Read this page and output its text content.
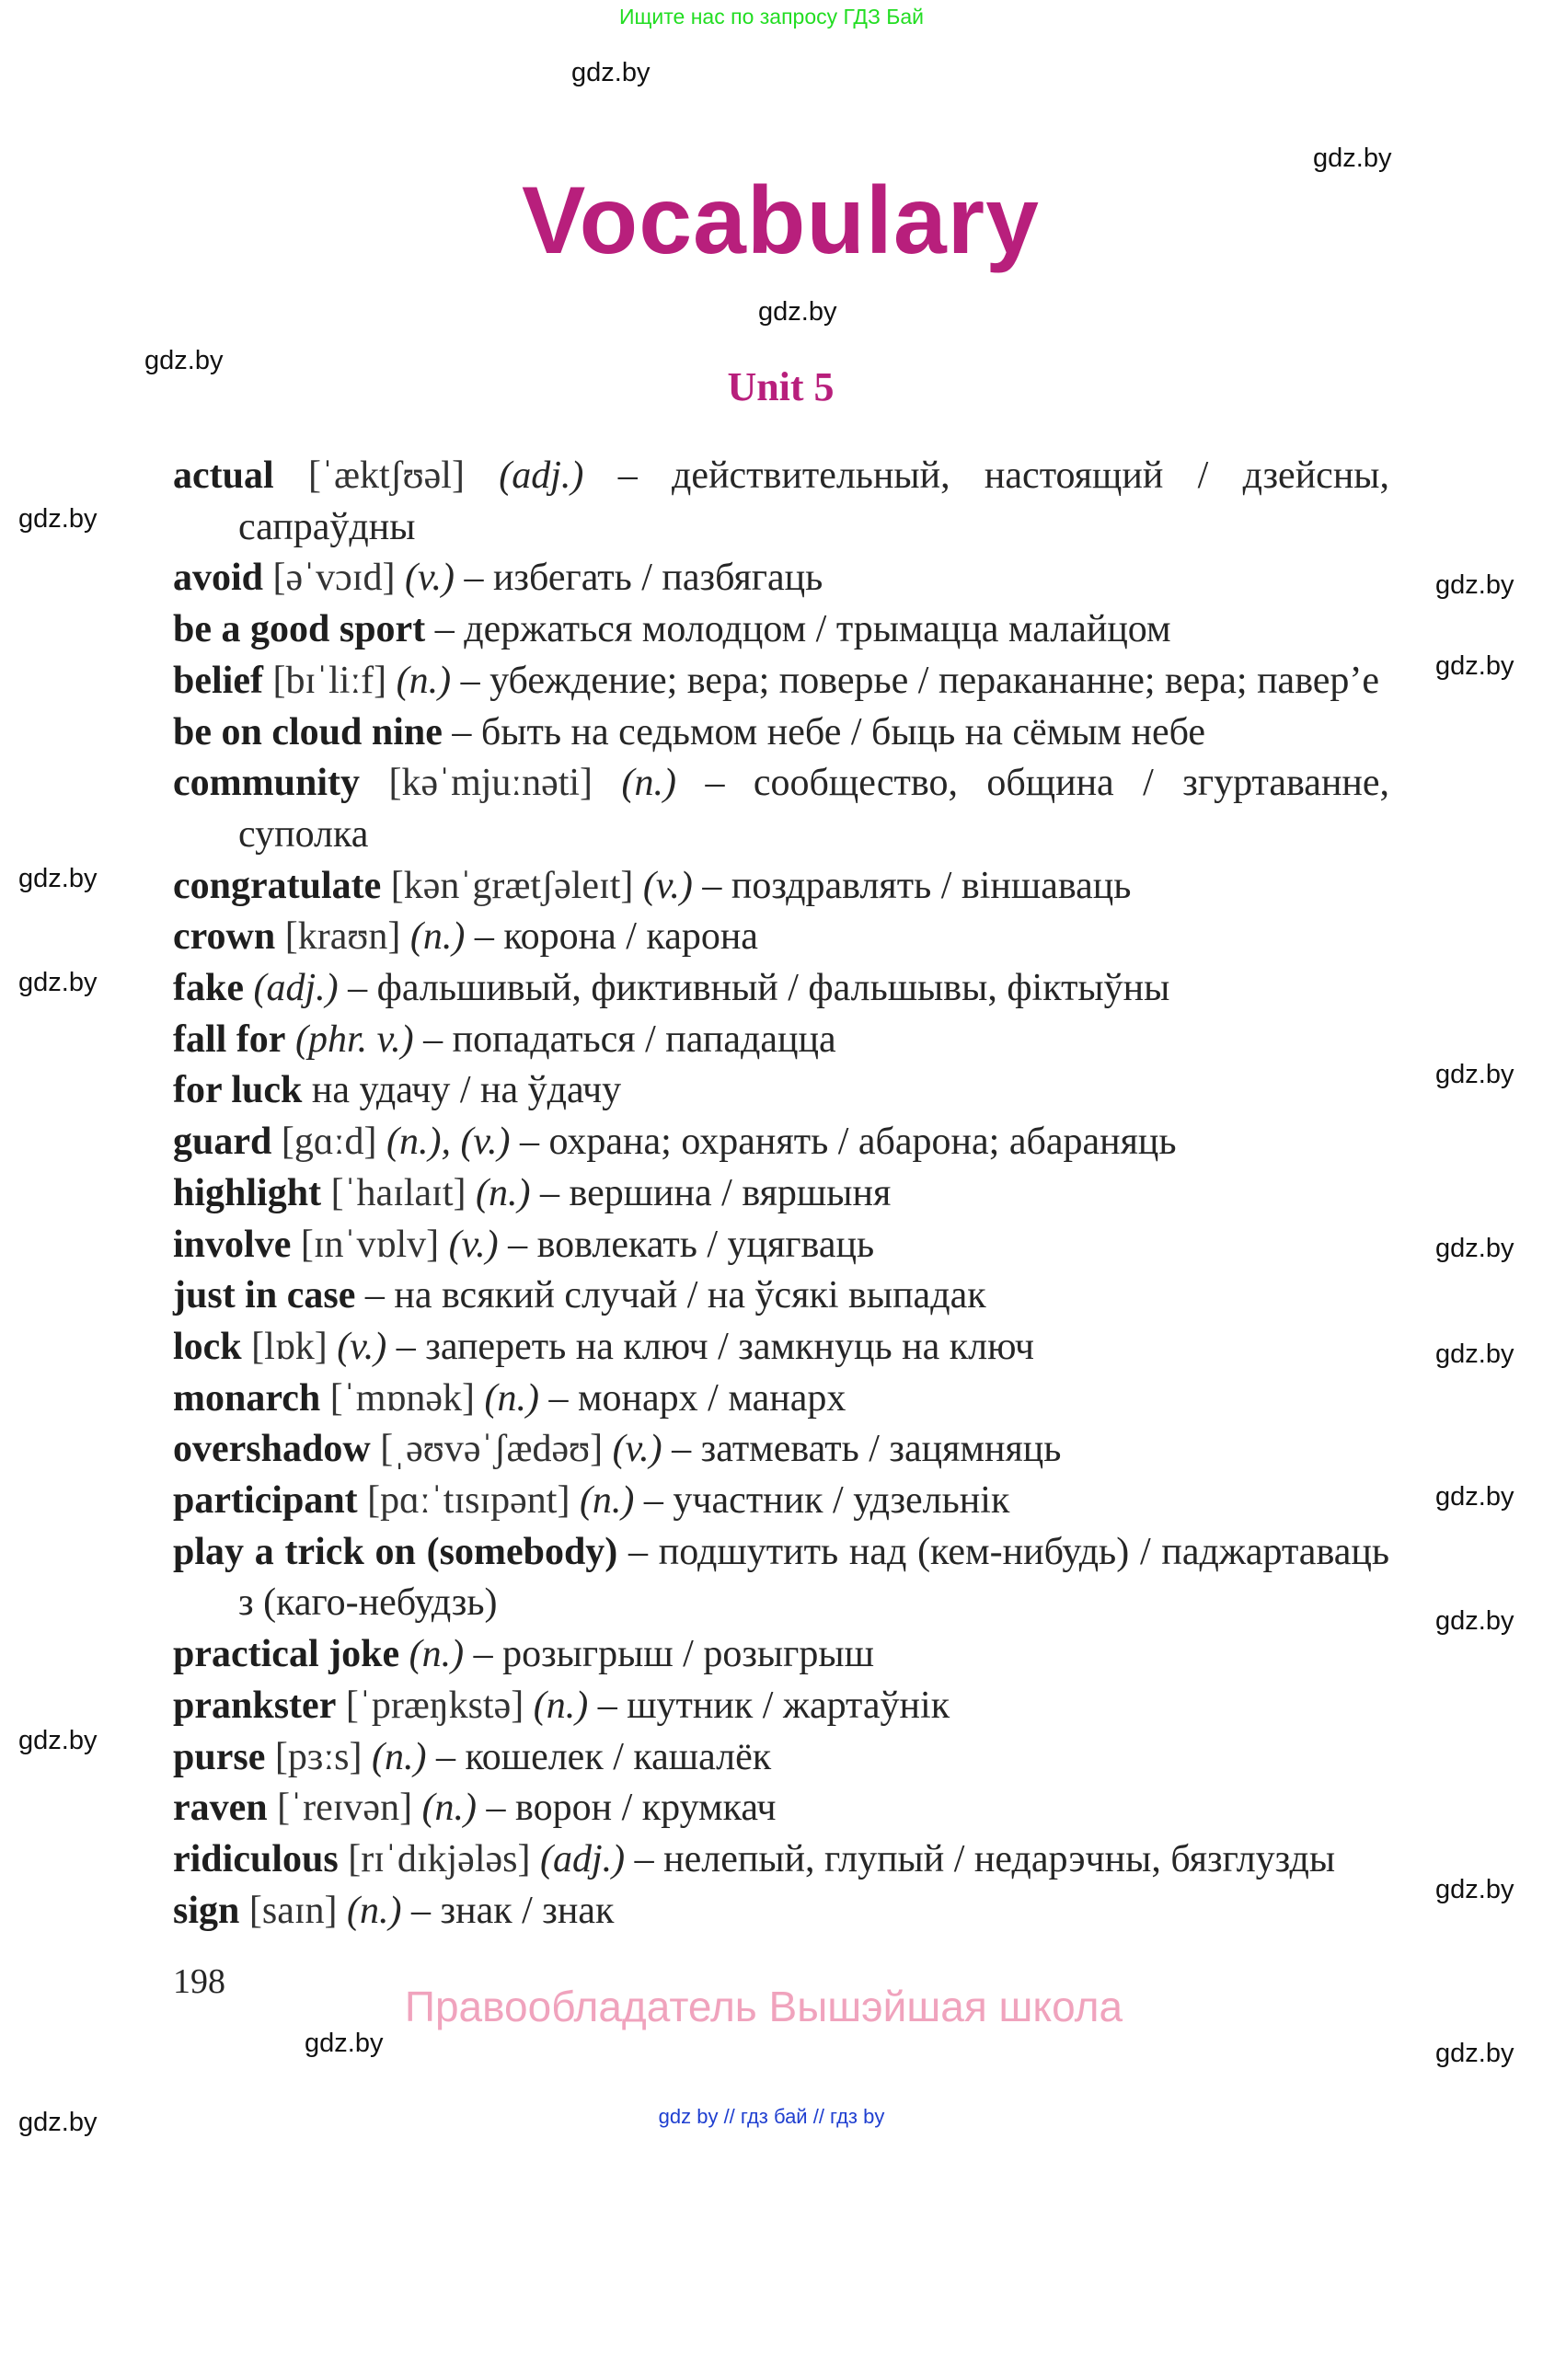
Ищите нас по запросу ГДЗ Бай
gdz.by
gdz.by
gdz.by
gdz.by
gdz.by
gdz.by
gdz.by
gdz.by
gdz.by
gdz.by
gdz.by
gdz.by
gdz.by
gdz.by
gdz.by
gdz.by
gdz.by
gdz.by
Vocabulary
Unit 5
actual [ˈæktʃʊəl] (adj.) – действительный, настоящий / дзейсны, сапраўдны
avoid [əˈvɔɪd] (v.) – избегать / пазбягаць
be a good sport – держаться молодцом / трымацца малайцом
belief [bɪˈliːf] (n.) – убеждение; вера; поверье / перакананне; вера; павер’е
be on cloud nine – быть на седьмом небе / быць на сёмым небе
community [kəˈmjuːnəti] (n.) – сообщество, община / згуртаванне, суполка
congratulate [kənˈgrætʃəleɪt] (v.) – поздравлять / віншаваць
crown [kraʊn] (n.) – корона / карона
fake (adj.) – фальшивый, фиктивный / фальшывы, фіктыўны
fall for (phr. v.) – попадаться / пападацца
for luck на удачу / на ўдачу
guard [gɑːd] (n.), (v.) – охрана; охранять / абарона; абараняць
highlight [ˈhaɪlaɪt] (n.) – вершина / вяршыня
involve [ɪnˈvɒlv] (v.) – вовлекать / уцягваць
just in case – на всякий случай / на ўсякі выпадак
lock [lɒk] (v.) – запереть на ключ / замкнуць на ключ
monarch [ˈmɒnək] (n.) – монарх / манарх
overshadow [ˌəʊvəˈʃædəʊ] (v.) – затмевать / зацямняць
participant [pɑːˈtɪsɪpənt] (n.) – участник / удзельнік
play a trick on (somebody) – подшутить над (кем-нибудь) / паджартаваць з (каго-небудзь)
practical joke (n.) – розыгрыш / розыгрыш
prankster [ˈpræŋkstə] (n.) – шутник / жартаўнік
purse [pɜːs] (n.) – кошелек / кашалёк
raven [ˈreɪvən] (n.) – ворон / крумкач
ridiculous [rɪˈdɪkjələs] (adj.) – нелепый, глупый / недарэчны, бязглузды
sign [saɪn] (n.) – знак / знак
198
Правообладатель Вышэйшая школа
gdz.by
gdz by // гдз бай // гдз by
